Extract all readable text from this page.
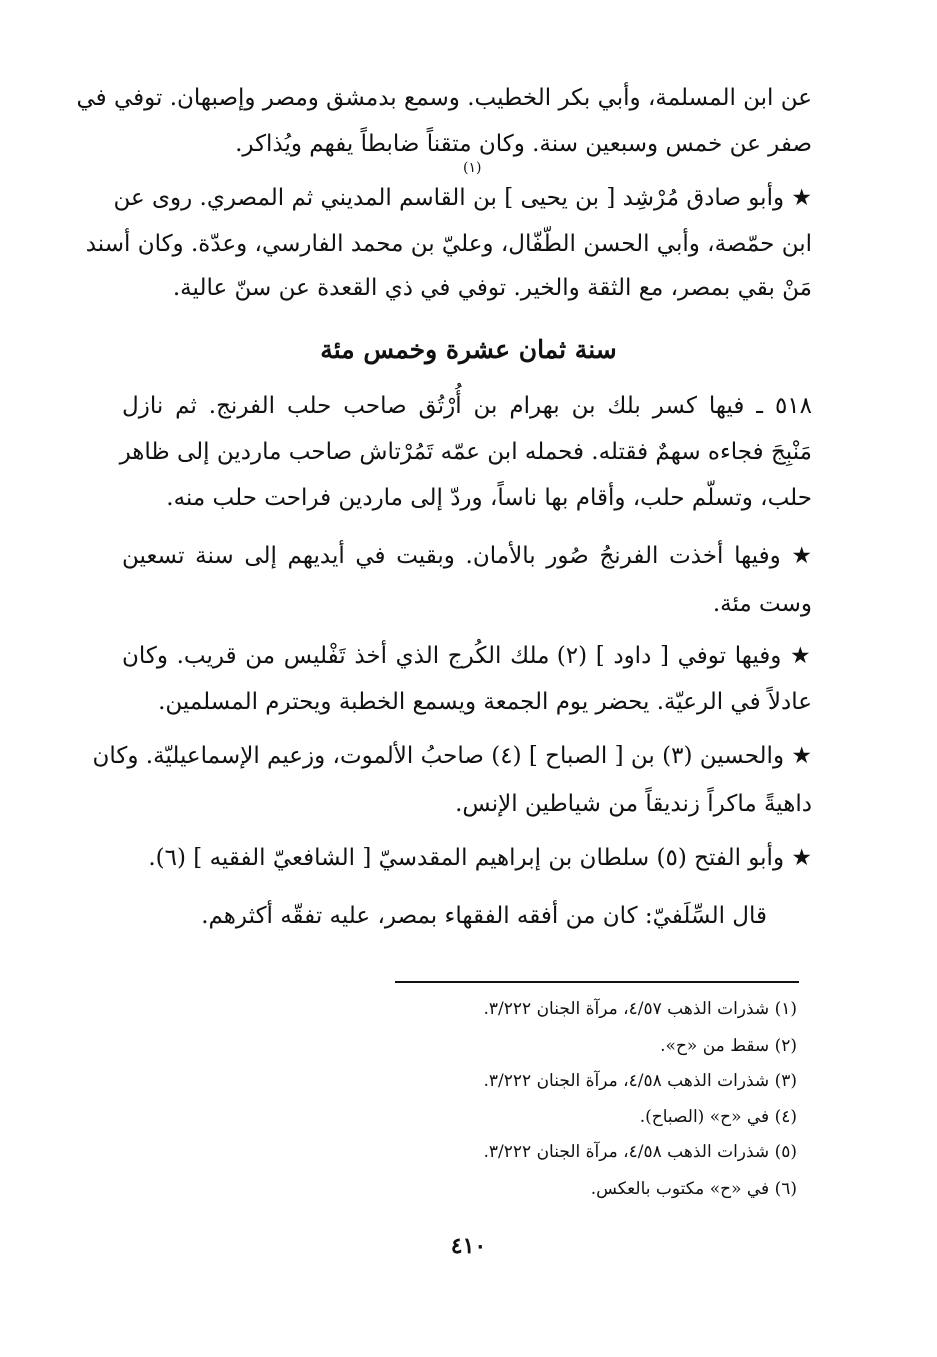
عن ابن المسلمة، وأبي بكر الخطيب. وسمع بدمشق ومصر وإصبهان. توفي في
صفر عن خمس وسبعين سنة. وكان متقناً ضابطاً يفهم ويُذاكر.
(١)
★ وأبو صادق مُرْشِد [ بن يحيى ] بن القاسم المديني ثم المصري. روى عن
ابن حمّصة، وأبي الحسن الطّفّال، وعليّ بن محمد الفارسي، وعدّة. وكان أسند
مَنْ بقي بمصر، مع الثقة والخير. توفي في ذي القعدة عن سنّ عالية.
سنة ثمان عشرة وخمس مئة
٥١٨ ـ فيها كسر بلك بن بهرام بن أُرْتُق صاحب حلب الفرنج. ثم نازل
مَنْبِجَ فجاءه سهمٌ فقتله. فحمله ابن عمّه تَمُرْتاش صاحب ماردين إلى ظاهر
حلب، وتسلّم حلب، وأقام بها ناساً، وردّ إلى ماردين فراحت حلب منه.
★ وفيها أخذت الفرنجُ صُور بالأمان. وبقيت في أيديهم إلى سنة تسعين
وست مئة.
★ وفيها توفي [ داود ] (٢) ملك الكُرج الذي أخذ تَفْليس من قريب. وكان
عادلاً في الرعيّة. يحضر يوم الجمعة ويسمع الخطبة ويحترم المسلمين.
★ والحسين (٣) بن [ الصباح ] (٤) صاحبُ الألموت، وزعيم الإسماعيليّة. وكان
داهيةً ماكراً زنديقاً من شياطين الإنس.
★ وأبو الفتح (٥) سلطان بن إبراهيم المقدسيّ [ الشافعيّ الفقيه ] (٦).
قال السِّلَفيّ: كان من أفقه الفقهاء بمصر، عليه تفقّه أكثرهم.
(١) شذرات الذهب ٤/٥٧، مرآة الجنان ٣/٢٢٢.
(٢) سقط من «ح».
(٣) شذرات الذهب ٤/٥٨، مرآة الجنان ٣/٢٢٢.
(٤) في «ح» (الصباح).
(٥) شذرات الذهب ٤/٥٨، مرآة الجنان ٣/٢٢٢.
(٦) في «ح» مكتوب بالعكس.
٤١٠
